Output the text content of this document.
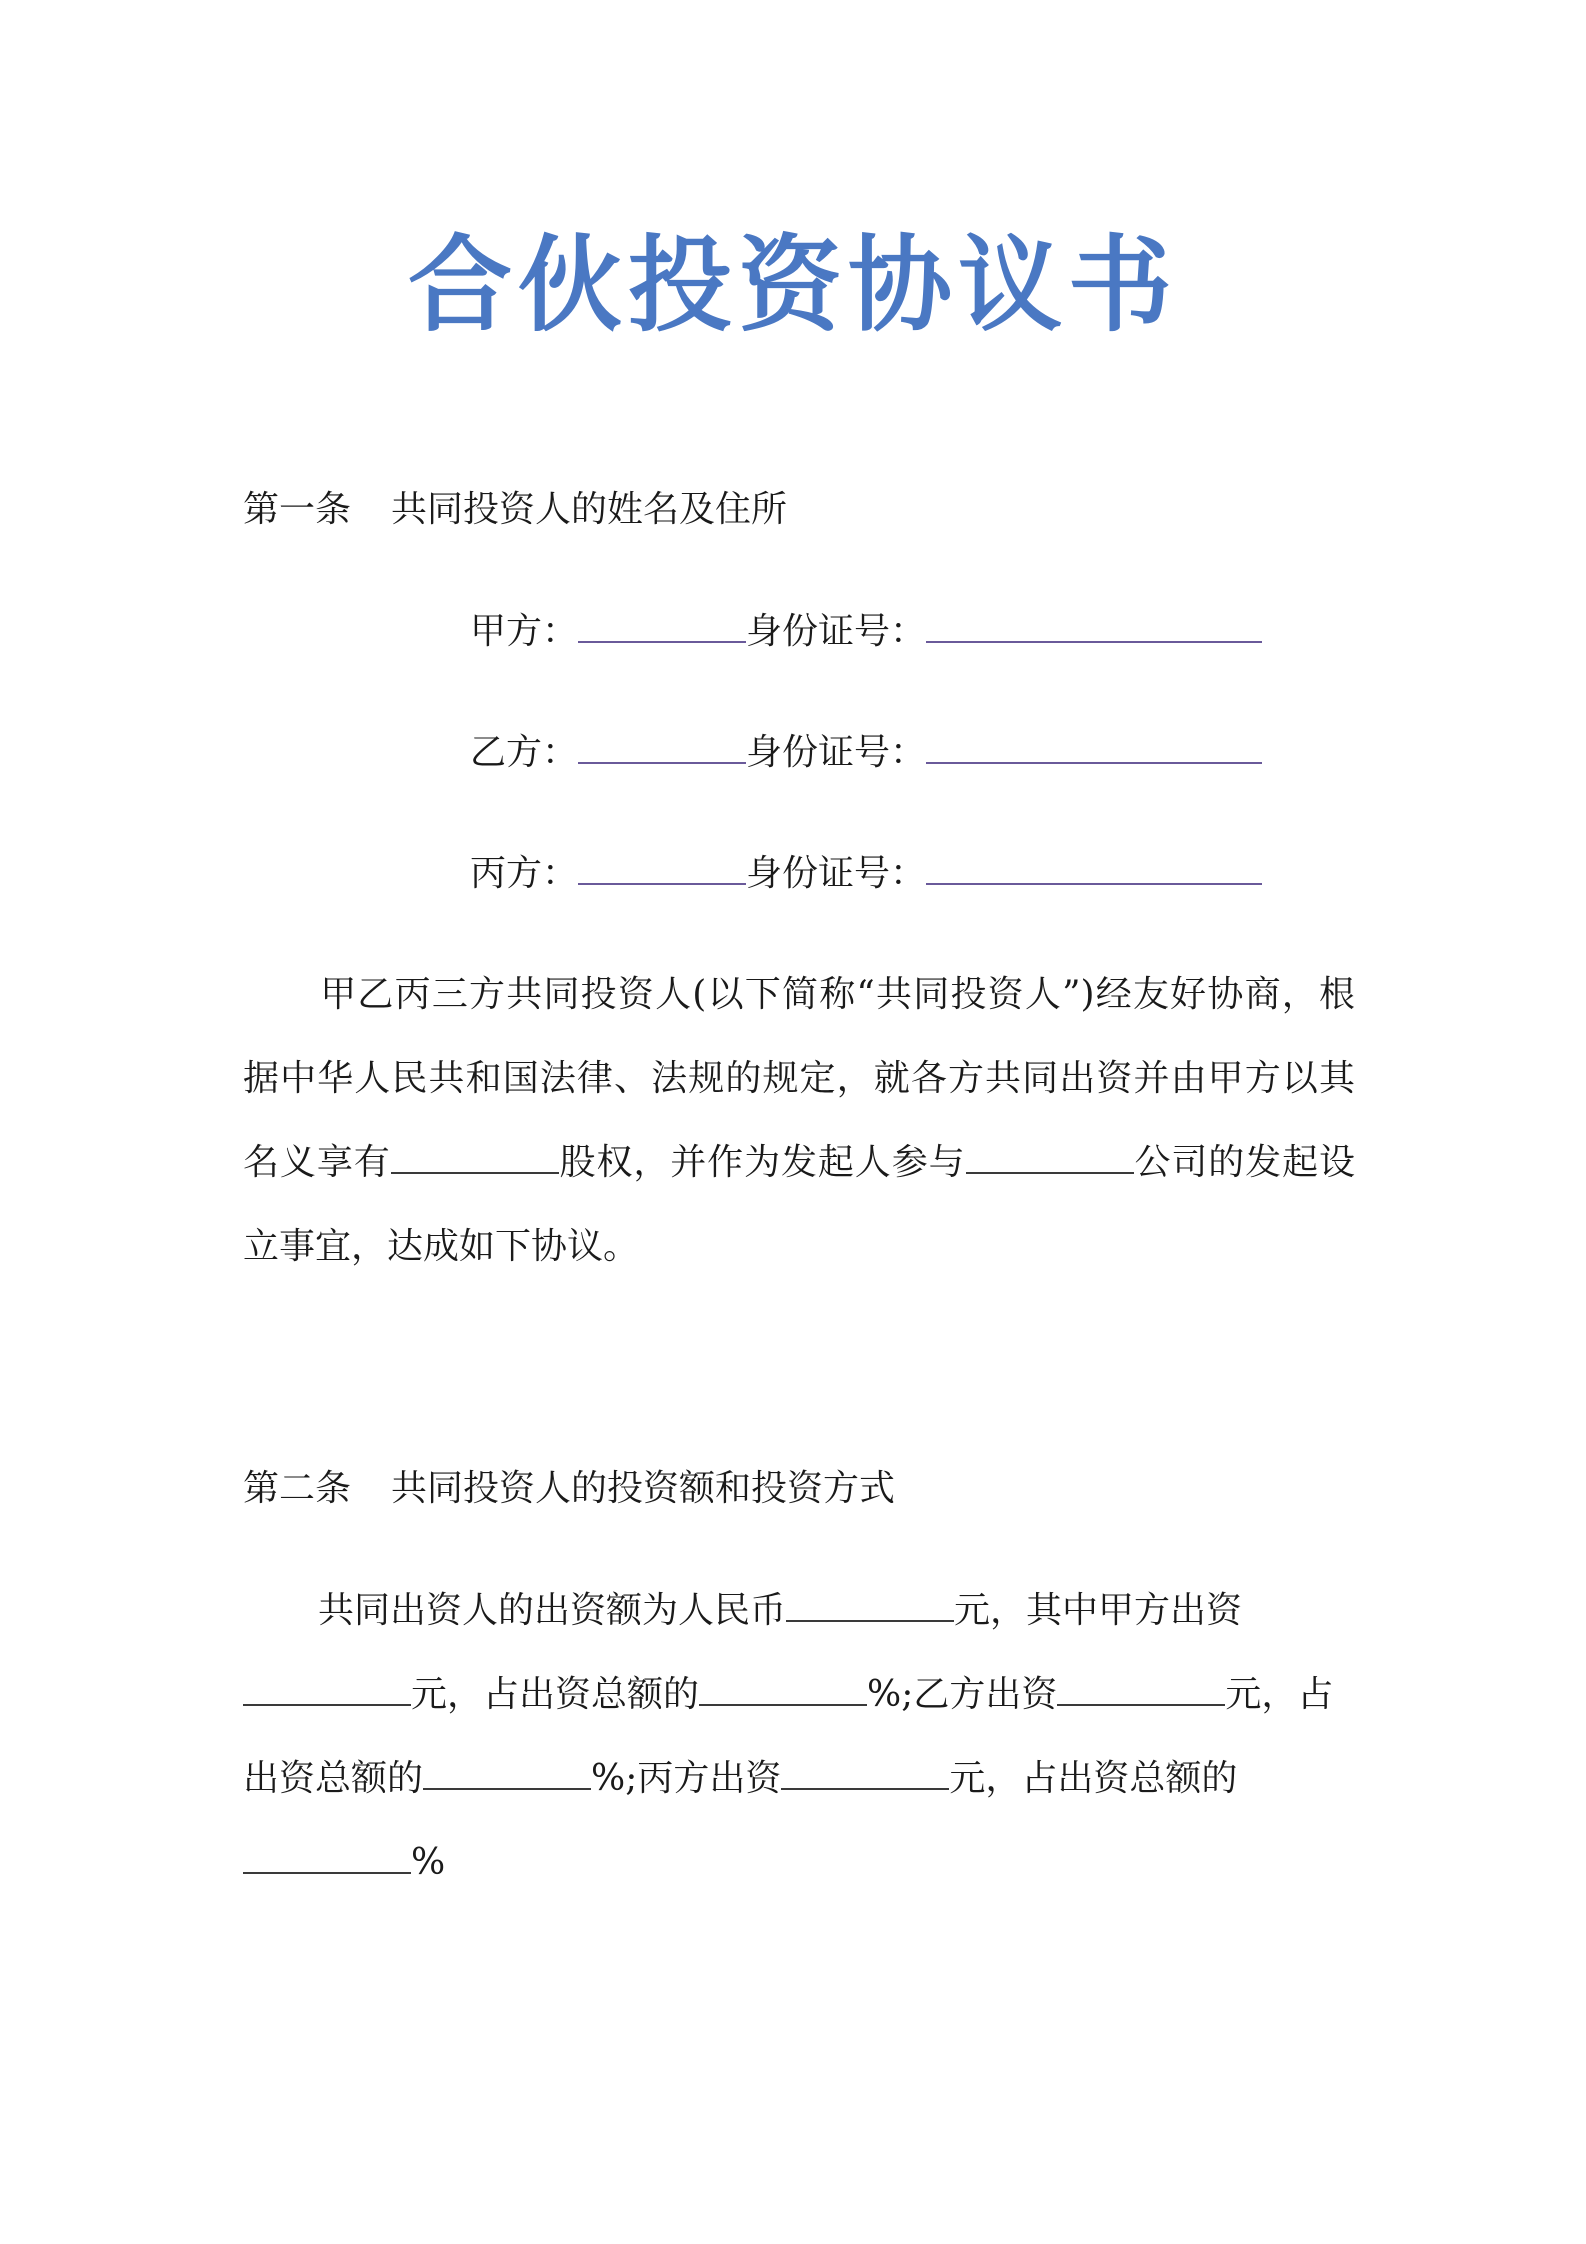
合伙投资协议书
第一条 共同投资人的姓名及住所
甲方：	身份证号：
乙方：	身份证号：
丙方：	身份证号：
甲乙丙三方共同投资人(以下简称“共同投资人”)经友好协商，根据中华人民共和国法律、法规的规定，就各方共同出资并由甲方以其名义享有	股权，并作为发起人参与	公司的发起设立事宜，达成如下协议。
第二条 共同投资人的投资额和投资方式
共同出资人的出资额为人民币	元，其中甲方出资
元，占出资总额的	%;乙方出资	元，占
出资总额的	%;丙方出资	元，占出资总额的
%
